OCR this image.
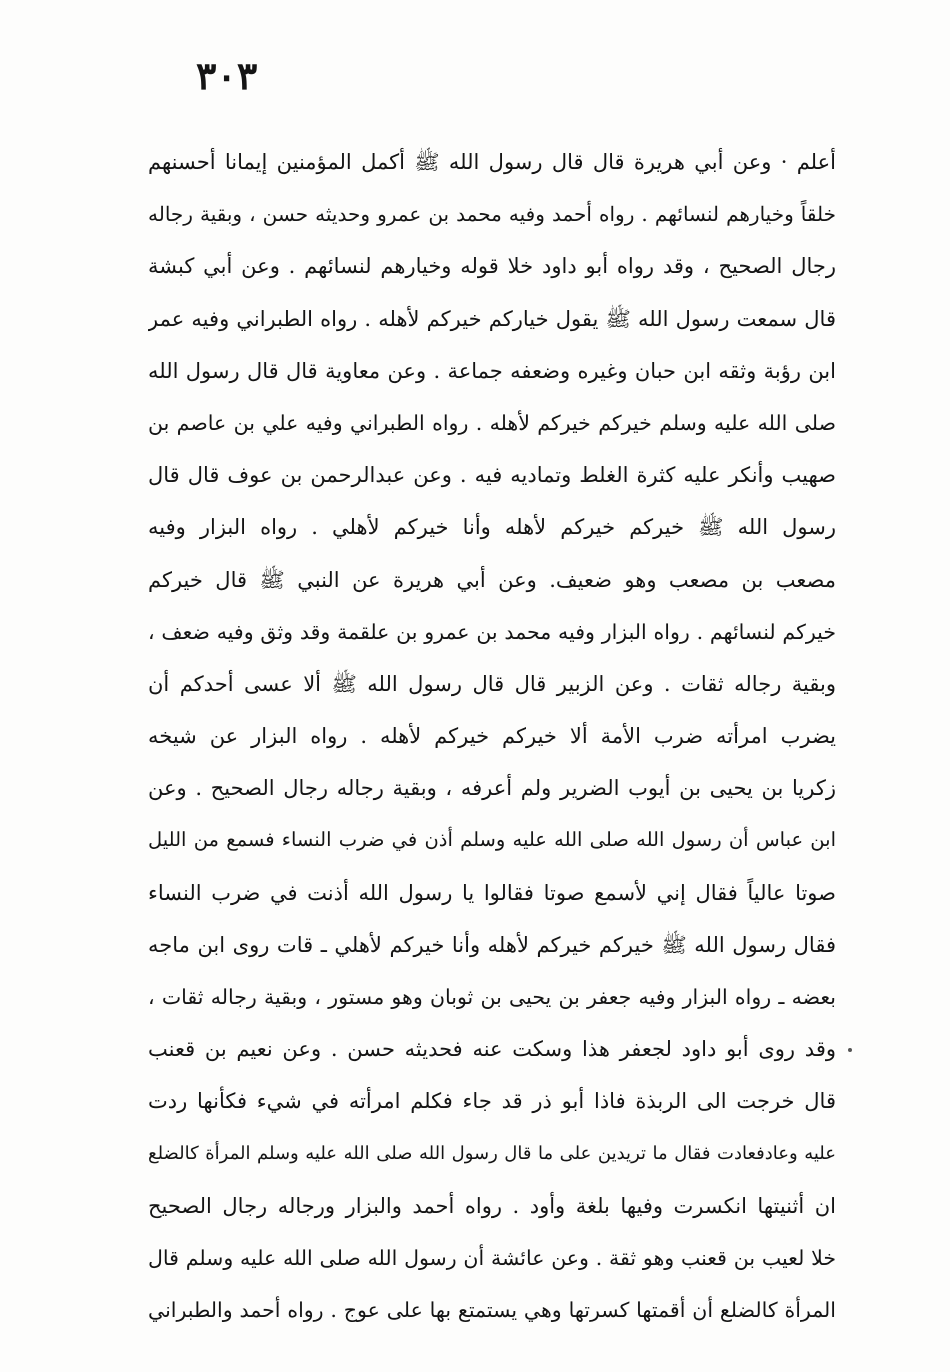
٣٠٣
أعلم · وعن أبي هريرة قال قال رسول الله ﷺ أكمل المؤمنين إيمانا أحسنهم
خلقاً وخيارهم لنسائهم . رواه أحمد وفيه محمد بن عمرو وحديثه حسن ، وبقية رجاله
رجال الصحيح ، وقد رواه أبو داود خلا قوله وخيارهم لنسائهم . وعن أبي كبشة
قال سمعت رسول الله ﷺ يقول خياركم خيركم لأهله . رواه الطبراني وفيه عمر
ابن رؤبة وثقه ابن حبان وغيره وضعفه جماعة . وعن معاوية قال قال رسول الله
صلى الله عليه وسلم خيركم خيركم لأهله . رواه الطبراني وفيه علي بن عاصم بن
صهيب وأنكر عليه كثرة الغلط وتماديه فيه . وعن عبدالرحمن بن عوف قال قال
رسول الله ﷺ خيركم خيركم لأهله وأنا خيركم لأهلي . رواه البزار وفيه
مصعب بن مصعب وهو ضعيف. وعن أبي هريرة عن النبي ﷺ قال خيركم
خيركم لنسائهم . رواه البزار وفيه محمد بن عمرو بن علقمة وقد وثق وفيه ضعف ،
وبقية رجاله ثقات . وعن الزبير قال قال رسول الله ﷺ ألا عسى أحدكم أن
يضرب امرأته ضرب الأمة ألا خيركم خيركم لأهله . رواه البزار عن شيخه
زكريا بن يحيى بن أيوب الضرير ولم أعرفه ، وبقية رجاله رجال الصحيح . وعن
ابن عباس أن رسول الله صلى الله عليه وسلم أذن في ضرب النساء فسمع من الليل
صوتا عالياً فقال إني لأسمع صوتا فقالوا يا رسول الله أذنت في ضرب النساء
فقال رسول الله ﷺ خيركم خيركم لأهله وأنا خيركم لأهلي ـ قات روى ابن ماجه
بعضه ـ رواه البزار وفيه جعفر بن يحيى بن ثوبان وهو مستور ، وبقية رجاله ثقات ،
وقد روى أبو داود لجعفر هذا وسكت عنه فحديثه حسن . وعن نعيم بن قعنب
قال خرجت الى الربذة فاذا أبو ذر قد جاء فكلم امرأته في شيء فكأنها ردت
عليه وعادفعادت فقال ما تريدين على ما قال رسول الله صلى الله عليه وسلم المرأة كالضلع
ان أثنيتها انكسرت وفيها بلغة وأود . رواه أحمد والبزار ورجاله رجال الصحيح
خلا لعيب بن قعنب وهو ثقة . وعن عائشة أن رسول الله صلى الله عليه وسلم قال
المرأة كالضلع أن أقمتها كسرتها وهي يستمتع بها على عوج . رواه أحمد والطبراني
